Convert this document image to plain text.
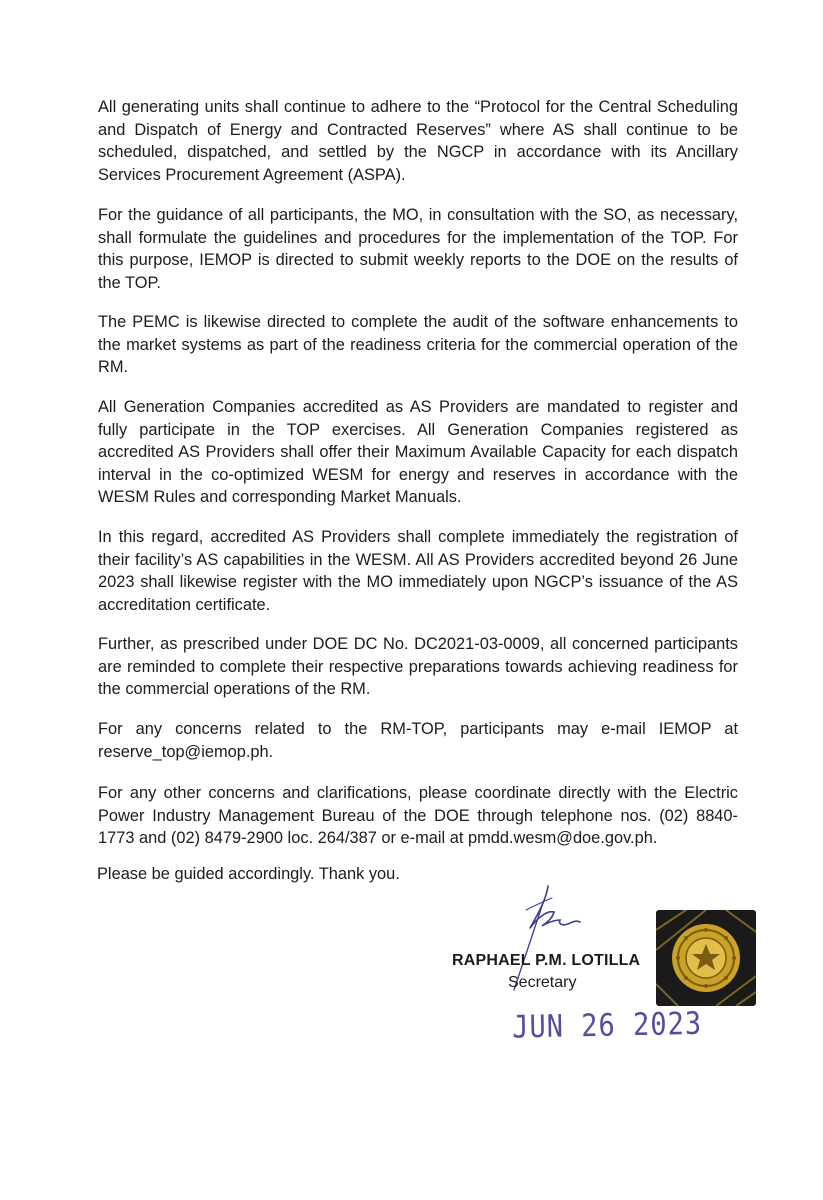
All generating units shall continue to adhere to the “Protocol for the Central Scheduling and Dispatch of Energy and Contracted Reserves” where AS shall continue to be scheduled, dispatched, and settled by the NGCP in accordance with its Ancillary Services Procurement Agreement (ASPA).

For the guidance of all participants, the MO, in consultation with the SO, as necessary, shall formulate the guidelines and procedures for the implementation of the TOP. For this purpose, IEMOP is directed to submit weekly reports to the DOE on the results of the TOP.

The PEMC is likewise directed to complete the audit of the software enhancements to the market systems as part of the readiness criteria for the commercial operation of the RM.

All Generation Companies accredited as AS Providers are mandated to register and fully participate in the TOP exercises. All Generation Companies registered as accredited AS Providers shall offer their Maximum Available Capacity for each dispatch interval in the co-optimized WESM for energy and reserves in accordance with the WESM Rules and corresponding Market Manuals.

In this regard, accredited AS Providers shall complete immediately the registration of their facility’s AS capabilities in the WESM. All AS Providers accredited beyond 26 June 2023 shall likewise register with the MO immediately upon NGCP’s issuance of the AS accreditation certificate.

Further, as prescribed under DOE DC No. DC2021-03-0009, all concerned participants are reminded to complete their respective preparations towards achieving readiness for the commercial operations of the RM.

For any concerns related to the RM-TOP, participants may e-mail IEMOP at reserve_top@iemop.ph.

For any other concerns and clarifications, please coordinate directly with the Electric Power Industry Management Bureau of the DOE through telephone nos. (02) 8840-1773 and (02) 8479-2900 loc. 264/387 or e-mail at pmdd.wesm@doe.gov.ph.

Please be guided accordingly. Thank you.

RAPHAEL P.M. LOTILLA
Secretary
JUN 26 2023
